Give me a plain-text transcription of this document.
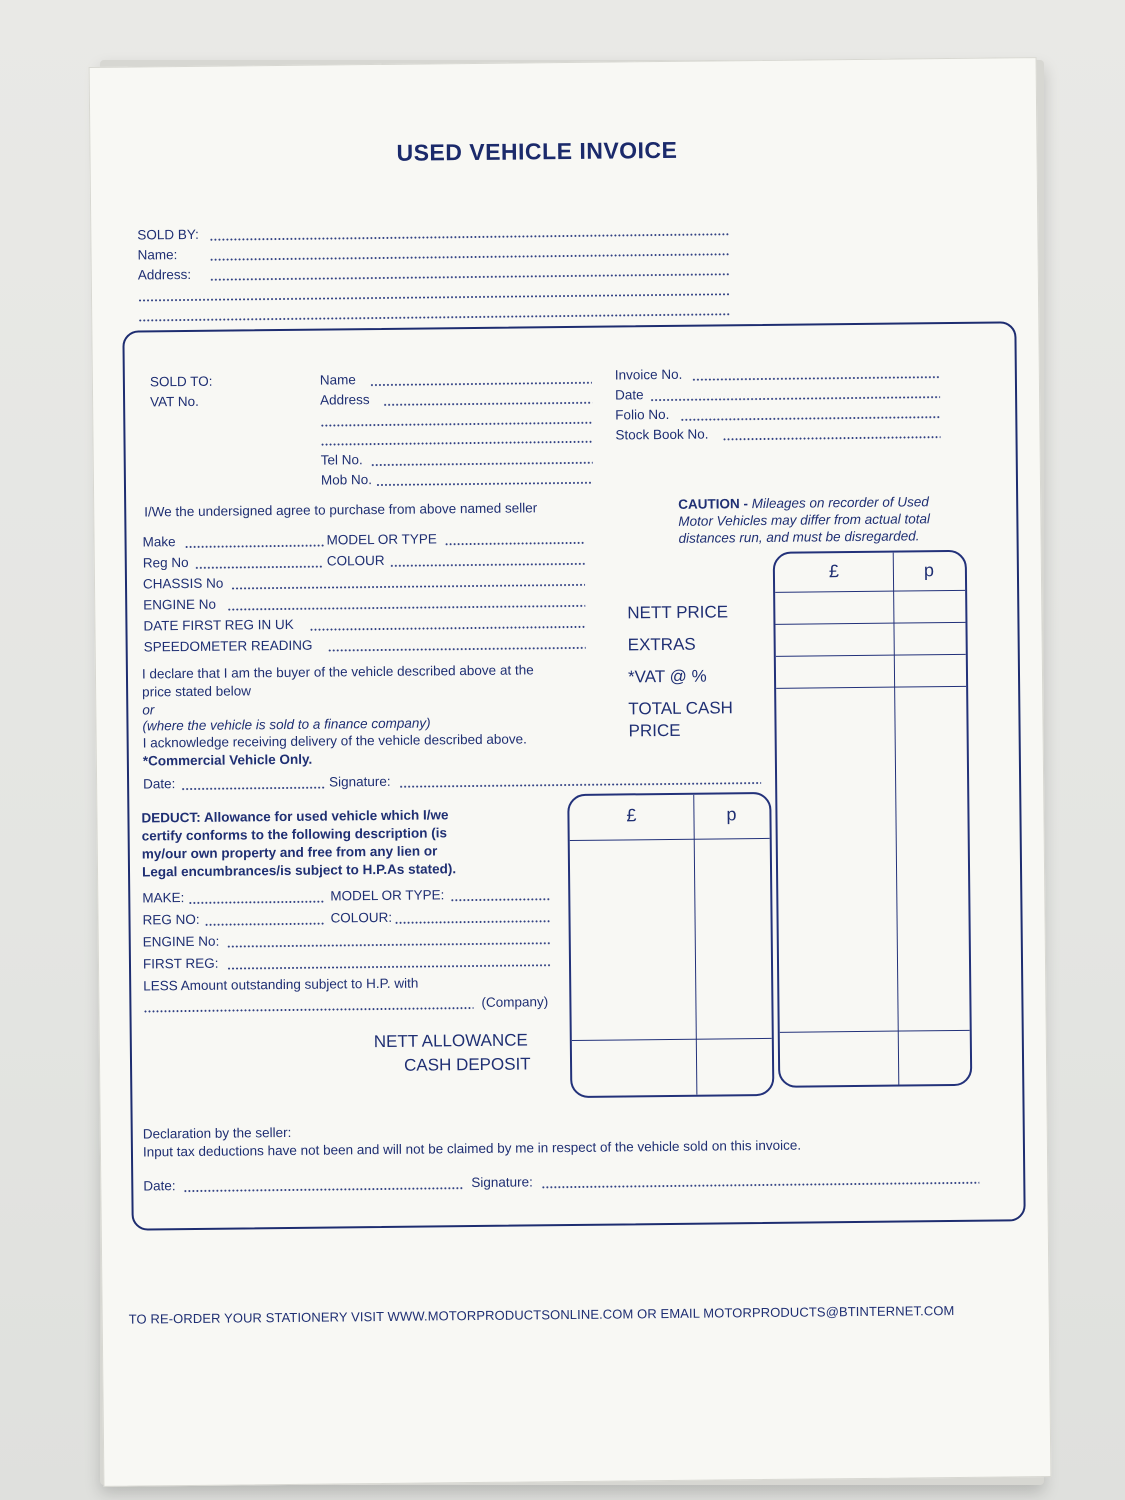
USED VEHICLE INVOICE
SOLD BY:
Name:
Address:
SOLD TO:
VAT No.
Name
Address
Tel No.
Mob No.
Invoice No.
Date
Folio No.
Stock Book No.
I/We the undersigned agree to purchase from above named seller
Make	MODEL OR TYPE
Reg No	COLOUR
CHASSIS No
ENGINE No
DATE FIRST REG IN UK
SPEEDOMETER READING
CAUTION - Mileages on recorder of Used
Motor Vehicles may differ from actual total
distances run, and must be disregarded.
NETT PRICE
EXTRAS
*VAT @ %
TOTAL CASH
PRICE
£	p
I declare that I am the buyer of the vehicle described above at the
price stated below
or
(where the vehicle is sold to a finance company)
I acknowledge receiving delivery of the vehicle described above.
*Commercial Vehicle Only.
Date:	Signature:
DEDUCT: Allowance for used vehicle which I/we
certify conforms to the following description (is
my/our own property and free from any lien or
Legal encumbrances/is subject to H.P.As stated).
MAKE:	MODEL OR TYPE:
REG NO:	COLOUR:
ENGINE No:
FIRST REG:
LESS Amount outstanding subject to H.P. with
(Company)
NETT ALLOWANCE
CASH DEPOSIT
£	p
Declaration by the seller:
Input tax deductions have not been and will not be claimed by me in respect of the vehicle sold on this invoice.
Date:	Signature:
TO RE-ORDER YOUR STATIONERY VISIT WWW.MOTORPRODUCTSONLINE.COM OR EMAIL MOTORPRODUCTS@BTINTERNET.COM
